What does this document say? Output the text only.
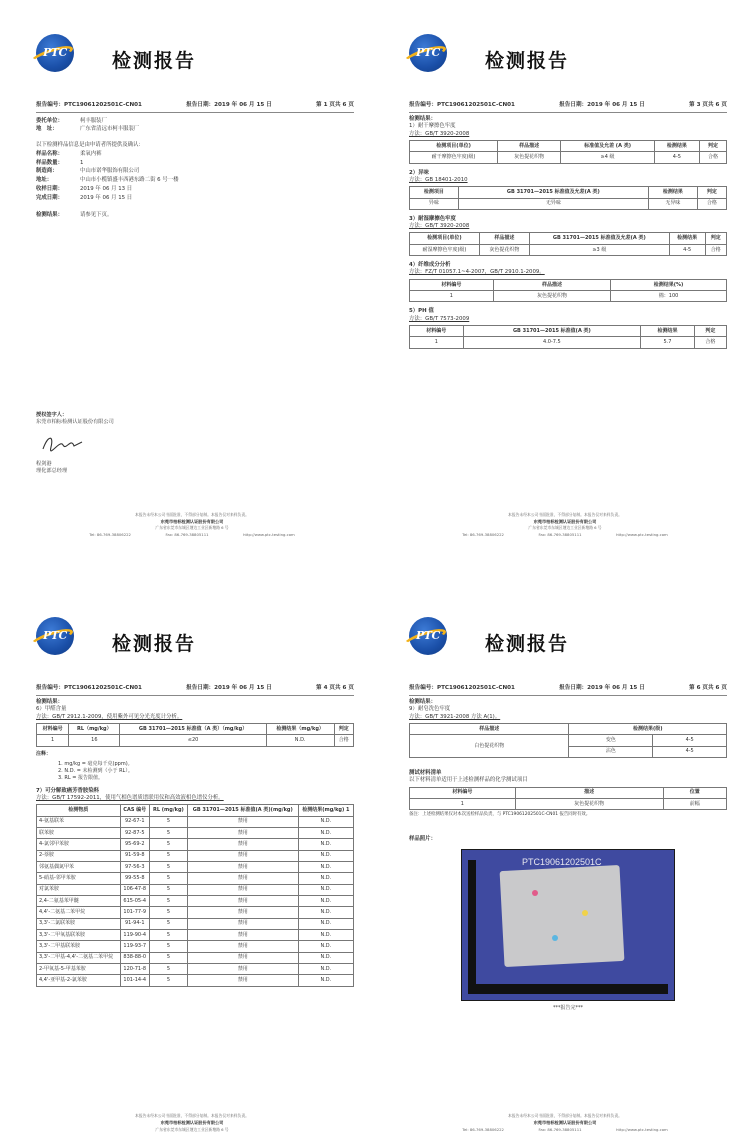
PTC 检测报告
报告编号：PTC19061202501C-CN01	报告日期：2019 年 06 月 15 日	第 1 页共 6 页
委托单位：	柯丰服装厂
地　址：	广东省清远市柯丰服装厂
以下检测样品信息是由申请者所提供及确认：
样品名称：	柔氧内裤
样品数量：	1
制造商：	中山市诺华服饰有限公司
地址：	中山市小榄镇盛丰西港东路二街 6 号一楼
收样日期：	2019 年 06 月 13 日
完成日期：	2019 年 06 月 15 日
检测结果：	请参见下页。
授权签字人：
东莞市柏标检测认证股份有限公司
程剑港
理化部总经理
本报告未经本公司书面批准，不得部分复制。本报告仅对来样负责。
东莞市柏标检测认证股份有限公司
广东省东莞市东城区塘边工业区新塘路 6 号
Tel: 86-769-38806222	Fax: 86-769-38805111	http://www.ptc-testing.com
PTC 检测报告
报告编号：PTC19061202501C-CN01	报告日期：2019 年 06 月 15 日	第 3 页共 6 页
检测结果：
1）耐干摩擦色牢度
方法：GB/T 3920-2008
检测项目(单位)	样品描述	标准值及允差 (A 类)	检测结果	判定
耐干摩擦色牢度(级)	灰色提花织物	≥4 级	4-5	合格
2）异味
方法：GB 18401-2010
检测项目	GB 31701—2015 标准值及允差(A 类)	检测结果	判定
异味	无异味	无异味	合格
3）耐湿摩擦色牢度
方法：GB/T 3920-2008
检测项目(单位)	样品描述	GB 31701—2015 标准值及允差(A 类)	检测结果	判定
耐湿摩擦色牢度(级)	灰色提花织物	≥3 级	4-5	合格
4）纤维成分分析
方法：FZ/T 01057.1~4-2007，GB/T 2910.1-2009。
材料编号	样品描述	检测结果(%)
1	灰色提花织物	棉：100
5）PH 值
方法：GB/T 7573-2009
材料编号	GB 31701—2015 标准值(A 类)	检测结果	判定
1	4.0-7.5	5.7	合格
本报告未经本公司书面批准，不得部分复制。本报告仅对来样负责。
东莞市柏标检测认证股份有限公司
广东省东莞市东城区塘边工业区新塘路 6 号
Tel: 86-769-38806222	Fax: 86-769-38805111	http://www.ptc-testing.com
PTC 检测报告
报告编号：PTC19061202501C-CN01	报告日期：2019 年 06 月 15 日	第 4 页共 6 页
检测结果：
6）甲醛含量
方法：GB/T 2912.1-2009，使用紫外可见分光光度计分析。
材料编号	RL（mg/kg）	GB 31701—2015 标准值（A 类）（mg/kg）	检测结果（mg/kg）	判定
1	16	≤20	N.D.	合格
注释：
1. mg/kg = 毫克每千克(ppm)。
2. N.D. = 未检测到（小于 RL）。
3. RL = 报告限值。
7）可分解致癌芳香胺染料
方法：GB/T 17592-2011，使用气相色谱质谱联用仪和高效液相色谱仪分析。
检测物质	CAS 编号	RL (mg/kg)	GB 31701—2015 标准值(A 类)(mg/kg)	检测结果(mg/kg) 1
4-氨基联苯	92-67-1	5	禁用	N.D.
联苯胺	92-87-5	5	禁用	N.D.
4-氯邻甲苯胺	95-69-2	5	禁用	N.D.
2-萘胺	91-59-8	5	禁用	N.D.
邻氨基偶氮甲苯	97-56-3	5	禁用	N.D.
5-硝基-邻甲苯胺	99-55-8	5	禁用	N.D.
对氯苯胺	106-47-8	5	禁用	N.D.
2,4-二氨基苯甲醚	615-05-4	5	禁用	N.D.
4,4'-二氨基二苯甲烷	101-77-9	5	禁用	N.D.
3,3'-二氯联苯胺	91-94-1	5	禁用	N.D.
3,3'-二甲氧基联苯胺	119-90-4	5	禁用	N.D.
3,3'-二甲基联苯胺	119-93-7	5	禁用	N.D.
3,3'-二甲基-4,4'-二氨基二苯甲烷	838-88-0	5	禁用	N.D.
2-甲氧基-5-甲基苯胺	120-71-8	5	禁用	N.D.
4,4'-亚甲基-2-氯苯胺	101-14-4	5	禁用	N.D.
本报告未经本公司书面批准，不得部分复制。本报告仅对来样负责。
东莞市柏标检测认证股份有限公司
广东省东莞市东城区塘边工业区新塘路 6 号
PTC 检测报告
报告编号：PTC19061202501C-CN01	报告日期：2019 年 06 月 15 日	第 6 页共 6 页
检测结果：
9）耐皂洗色牢度
方法：GB/T 3921-2008 方法 A(1)。
样品描述	检测结果(级)	
白色提花织物	变色	4-5
	沾色	4-5
测试材料清单
以下材料清单适用于上述检测样品的化学测试项目
材料编号	描述	位置
1	灰色提花织物	前幅
备注：上述检测结果仅对本次送检样品负责，与 PTC19061202501C-CN01 报告同时有效。
样品照片：
PTC19061202501C
***报告完***
本报告未经本公司书面批准，不得部分复制。本报告仅对来样负责。
东莞市柏标检测认证股份有限公司
Tel: 86-769-38806222	Fax: 86-769-38805111	http://www.ptc-testing.com
